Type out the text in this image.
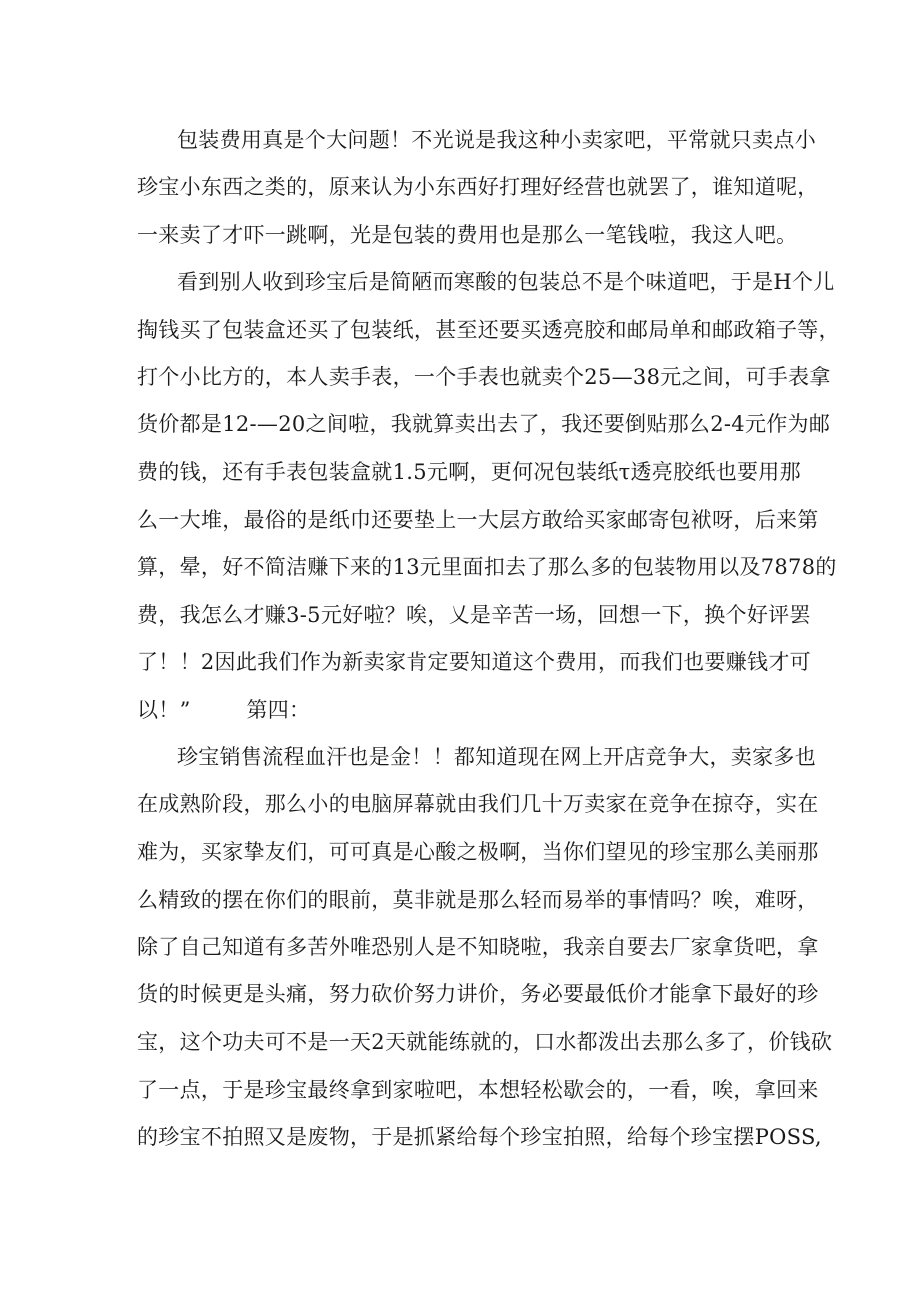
包装费用真是个大问题！不光说是我这种小卖家吧，平常就只卖点小
珍宝小东西之类的，原来认为小东西好打理好经营也就罢了，谁知道呢，
一来卖了才吓一跳啊，光是包装的费用也是那么一笔钱啦，我这人吧。
看到别人收到珍宝后是简陋而寒酸的包装总不是个味道吧，于是H个儿
掏钱买了包装盒还买了包装纸，甚至还要买透亮胶和邮局单和邮政箱子等，
打个小比方的，本人卖手表，一个手表也就卖个25—38元之间，可手表拿
货价都是12-—20之间啦，我就算卖出去了，我还要倒贴那么2-4元作为邮
费的钱，还有手表包装盒就1.5元啊，更何况包装纸τ透亮胶纸也要用那
么一大堆，最俗的是纸巾还要垫上一大层方敢给买家邮寄包袱呀，后来第
算，晕，好不简洁赚下来的13元里面扣去了那么多的包装物用以及7878的
费，我怎么才赚3-5元好啦？唉，乂是辛苦一场，回想一下，换个好评罢
了！！2因此我们作为新卖家肯定要知道这个费用，而我们也要赚钱才可
以！”        第四：
珍宝销售流程血汗也是金！！都知道现在网上开店竞争大，卖家多也
在成熟阶段，那么小的电脑屏幕就由我们几十万卖家在竞争在掠夺，实在
难为，买家挚友们，可可真是心酸之极啊，当你们望见的珍宝那么美丽那
么精致的摆在你们的眼前，莫非就是那么轻而易举的事情吗？唉，难呀，
除了自己知道有多苦外唯恐别人是不知晓啦，我亲自要去厂家拿货吧，拿
货的时候更是头痛，努力砍价努力讲价，务必要最低价才能拿下最好的珍
宝，这个功夫可不是一天2天就能练就的，口水都泼出去那么多了，价钱砍
了一点，于是珍宝最终拿到家啦吧，本想轻松歇会的，一看，唉，拿回来
的珍宝不拍照又是废物，于是抓紧给每个珍宝拍照，给每个珍宝摆POSS,
